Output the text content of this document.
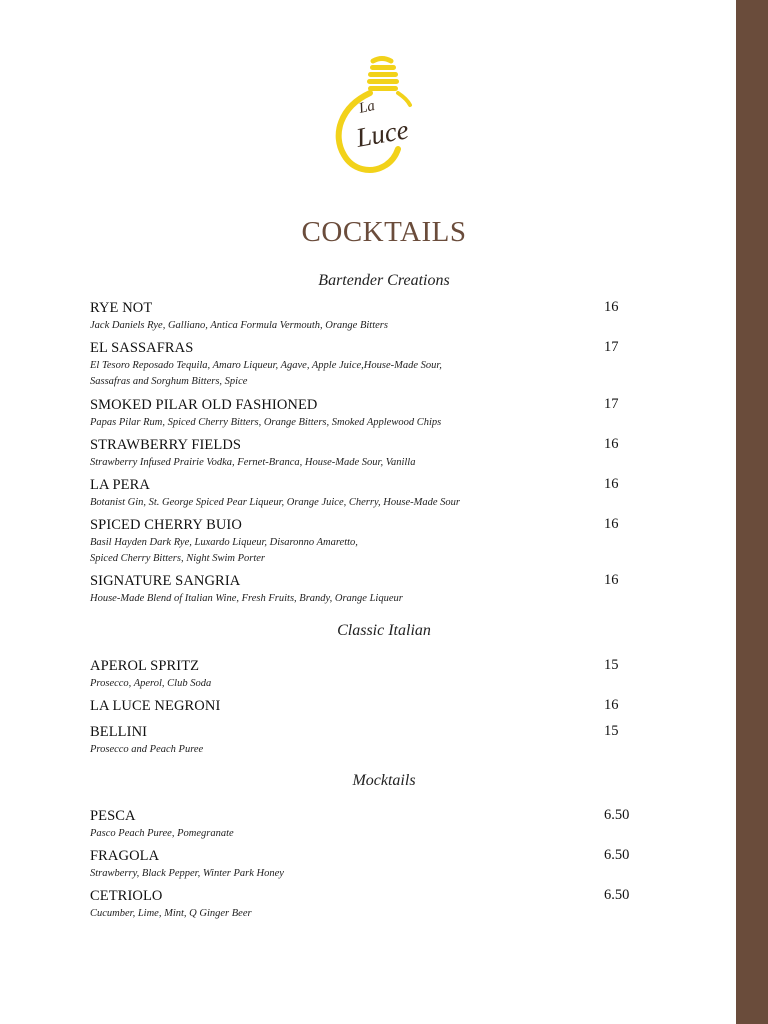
La
Luce
COCKTAILS
Bartender Creations
RYE NOT	16
Jack Daniels Rye, Galliano, Antica Formula Vermouth, Orange Bitters
EL SASSAFRAS	17
El Tesoro Reposado Tequila, Amaro Liqueur, Agave, Apple Juice,House-Made Sour,
Sassafras and Sorghum Bitters, Spice
SMOKED PILAR OLD FASHIONED	17
Papas Pilar Rum, Spiced Cherry Bitters, Orange Bitters, Smoked Applewood Chips
STRAWBERRY FIELDS	16
Strawberry Infused Prairie Vodka, Fernet-Branca, House-Made Sour, Vanilla
LA PERA	16
Botanist Gin, St. George Spiced Pear Liqueur, Orange Juice, Cherry, House-Made Sour
SPICED CHERRY BUIO	16
Basil Hayden Dark Rye, Luxardo Liqueur, Disaronno Amaretto,
Spiced Cherry Bitters, Night Swim Porter
SIGNATURE SANGRIA	16
House-Made Blend of Italian Wine, Fresh Fruits, Brandy, Orange Liqueur
Classic Italian
APEROL SPRITZ	15
Prosecco, Aperol, Club Soda
LA LUCE NEGRONI	16
BELLINI	15
Prosecco and Peach Puree
Mocktails
PESCA	6.50
Pasco Peach Puree, Pomegranate
FRAGOLA	6.50
Strawberry, Black Pepper, Winter Park Honey
CETRIOLO	6.50
Cucumber, Lime, Mint, Q Ginger Beer
